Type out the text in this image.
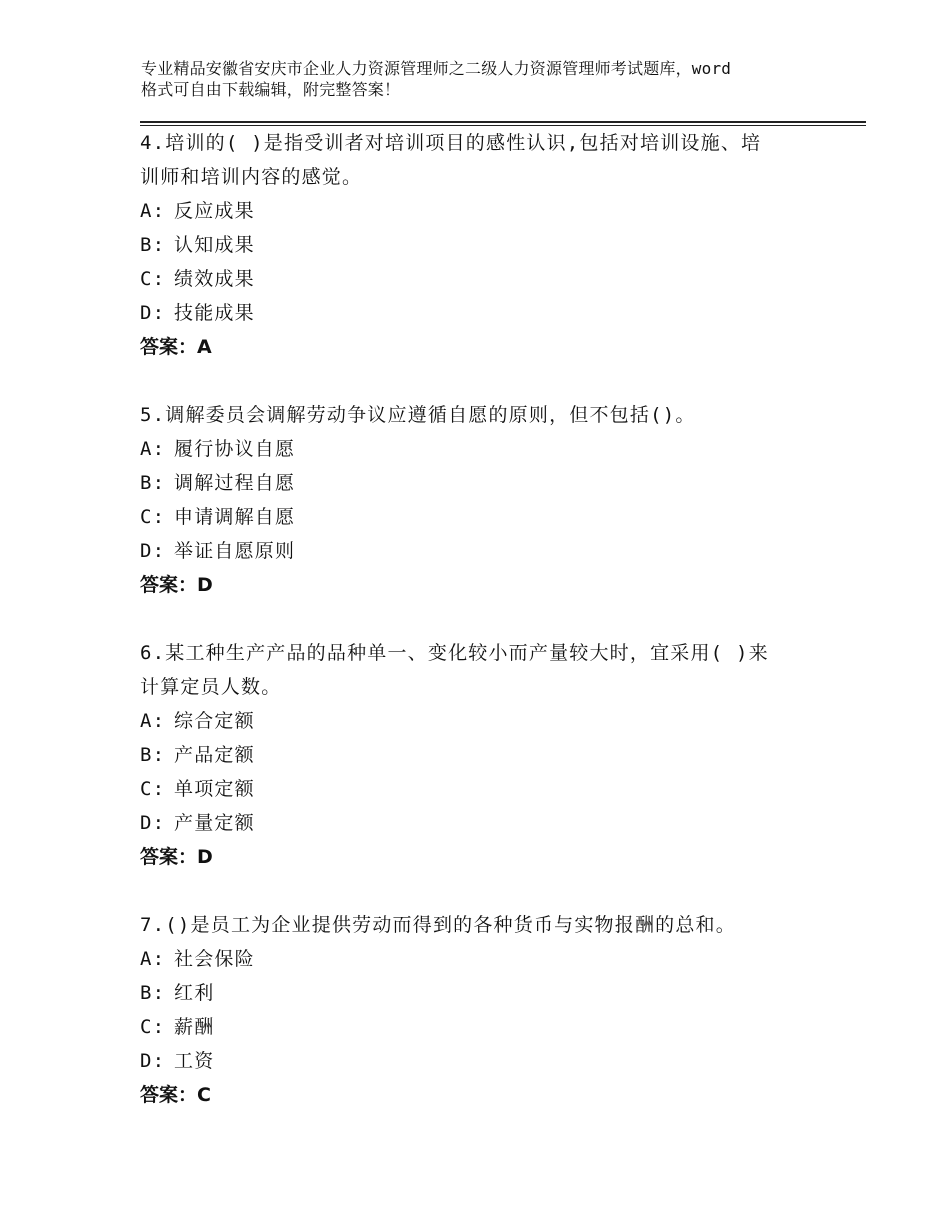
专业精品安徽省安庆市企业人力资源管理师之二级人力资源管理师考试题库，word
格式可自由下载编辑，附完整答案！
4.培训的( )是指受训者对培训项目的感性认识,包括对培训设施、培
训师和培训内容的感觉。
A: 反应成果
B: 认知成果
C: 绩效成果
D: 技能成果
答案：A
5.调解委员会调解劳动争议应遵循自愿的原则，但不包括()。
A: 履行协议自愿
B: 调解过程自愿
C: 申请调解自愿
D: 举证自愿原则
答案：D
6.某工种生产产品的品种单一、变化较小而产量较大时，宜采用( )来
计算定员人数。
A: 综合定额
B: 产品定额
C: 单项定额
D: 产量定额
答案：D
7.()是员工为企业提供劳动而得到的各种货币与实物报酬的总和。
A: 社会保险
B: 红利
C: 薪酬
D: 工资
答案：C
